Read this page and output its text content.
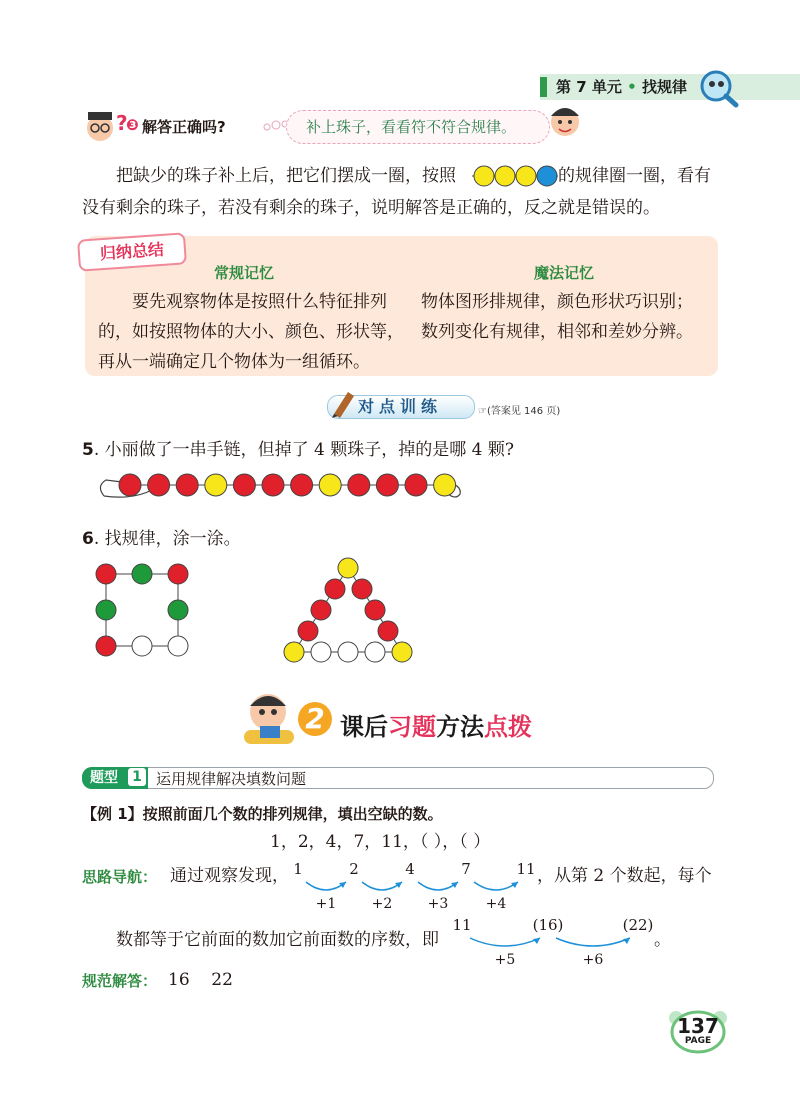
第 7 单元 • 找规律
?
❸ 解答正确吗?	补上珠子，看看符不符合规律。
把缺少的珠子补上后，把它们摆成一圈，按照	的规律圈一圈，看有
没有剩余的珠子，若没有剩余的珠子，说明解答是正确的，反之就是错误的。
归纳总结
常规记忆	魔法记忆
要先观察物体是按照什么特征排列
的，如按照物体的大小、颜色、形状等，
再从一端确定几个物体为一组循环。
物体图形排规律，颜色形状巧识别；
数列变化有规律，相邻和差妙分辨。
对点训练	☞(答案见 146 页)
5. 小丽做了一串手链，但掉了 4 颗珠子，掉的是哪 4 颗?
6. 找规律，涂一涂。
2 课后习题方法点拨
题型	1 运用规律解决填数问题
【例 1】按照前面几个数的排列规律，填出空缺的数。
1，2，4，7，11，（ ），（ ）
思路导航： 通过观察发现， 1	2	4	7	11
+1	+2	+3	+4
，从第 2 个数起，每个
数都等于它前面的数加它前面数的序数，即
11	(16)	(22)
+5	+6
。
规范解答： 16    22
137
PAGE
